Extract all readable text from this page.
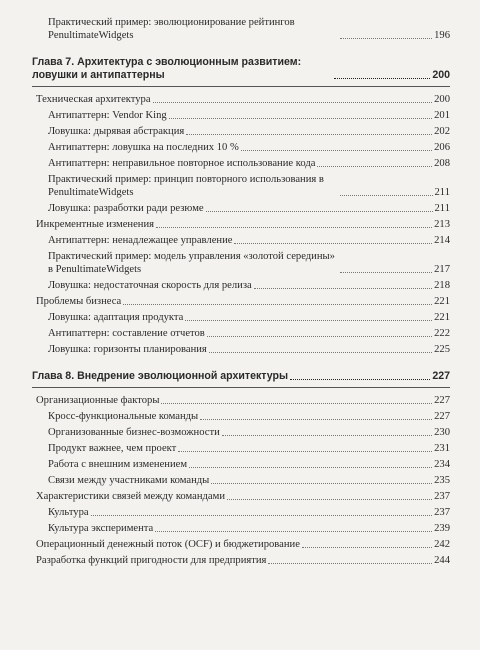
Практический пример: эволюционирование рейтингов PenultimateWidgets	196
Глава 7. Архитектура с эволюционным развитием: ловушки и антипаттерны	200
Техническая архитектура	200
Антипаттерн: Vendor King	201
Ловушка: дырявая абстракция	202
Антипаттерн: ловушка на последних 10 %	206
Антипаттерн: неправильное повторное использование кода	208
Практический пример: принцип повторного использования в PenultimateWidgets	211
Ловушка: разработки ради резюме	211
Инкрементные изменения	213
Антипаттерн: ненадлежащее управление	214
Практический пример: модель управления «золотой середины» в PenultimateWidgets	217
Ловушка: недостаточная скорость для релиза	218
Проблемы бизнеса	221
Ловушка: адаптация продукта	221
Антипаттерн: составление отчетов	222
Ловушка: горизонты планирования	225
Глава 8. Внедрение эволюционной архитектуры	227
Организационные факторы	227
Кросс-функциональные команды	227
Организованные бизнес-возможности	230
Продукт важнее, чем проект	231
Работа с внешним изменением	234
Связи между участниками команды	235
Характеристики связей между командами	237
Культура	237
Культура эксперимента	239
Операционный денежный поток (OCF) и бюджетирование	242
Разработка функций пригодности для предприятия	244
